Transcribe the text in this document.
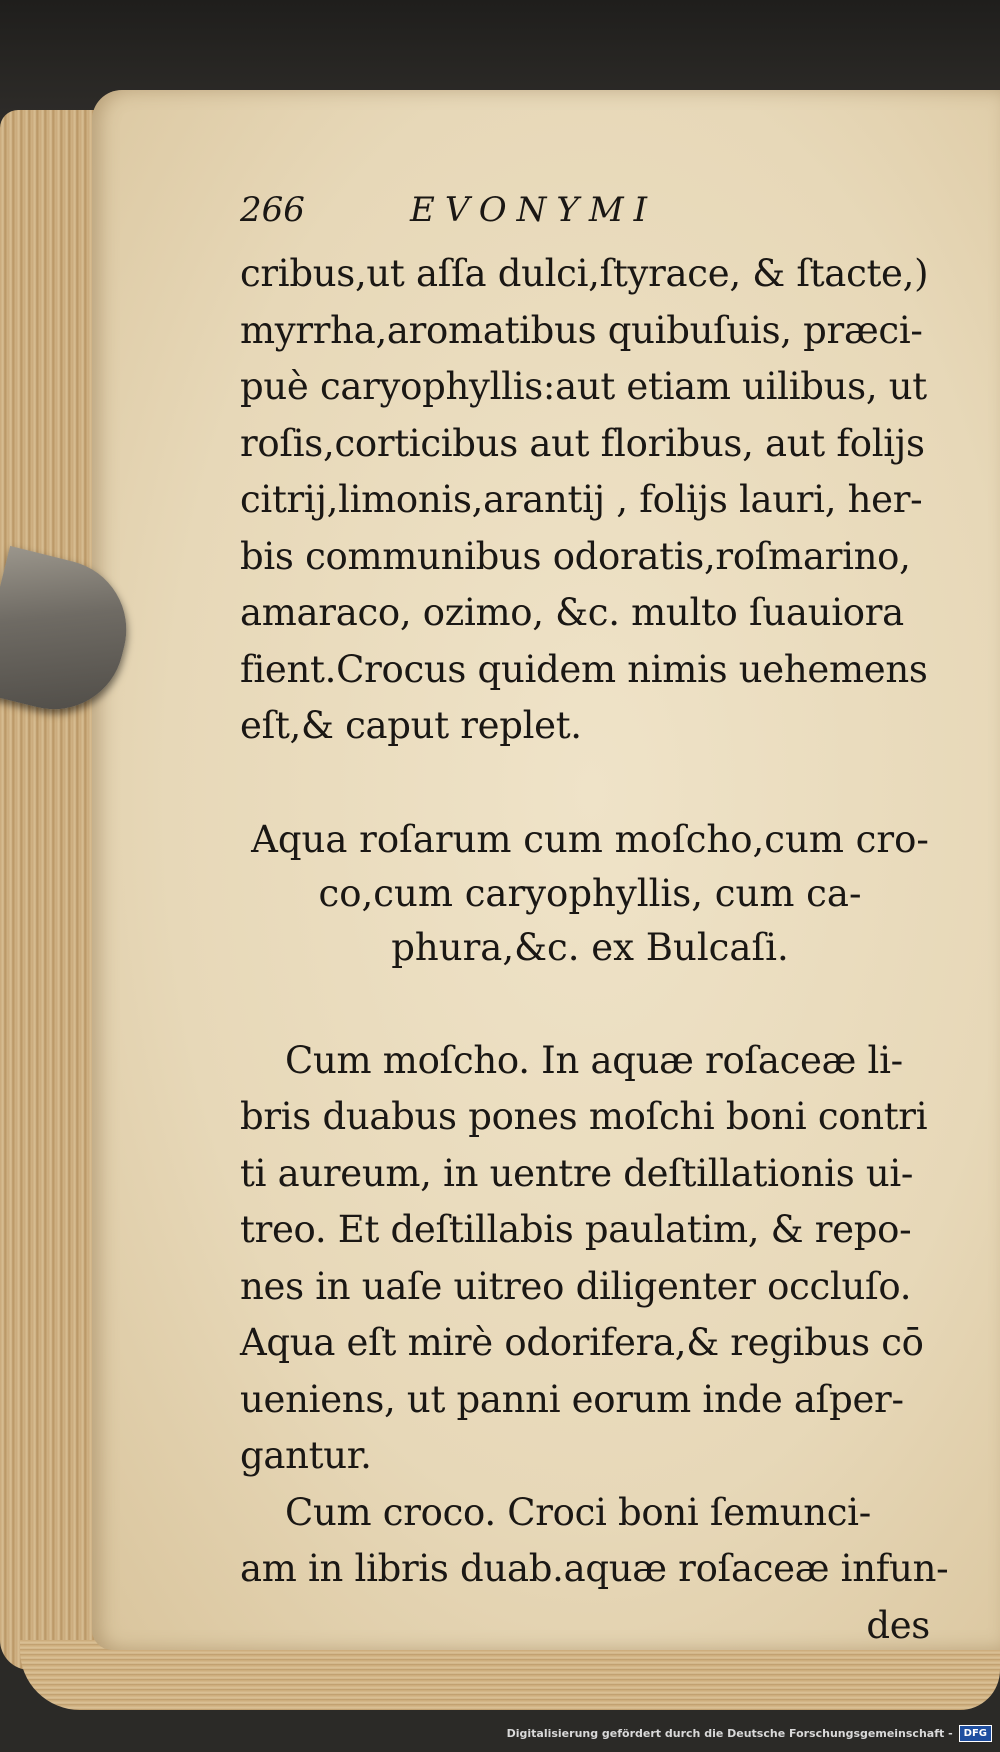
266	EVONYMI
cribus,ut aſſa dulci,ſtyrace, & ſtacte,)
myrrha,aromatibus quibuſuis, præci-
puè caryophyllis:aut etiam uilibus, ut
roſis,corticibus aut floribus, aut folijs
citrij,limonis,arantij , folijs lauri, her-
bis communibus odoratis,roſmarino,
amaraco, ozimo, &c. multo ſuauiora
fient.Crocus quidem nimis uehemens
eſt,& caput replet.
Aqua roſarum cum moſcho,cum cro-
co,cum caryophyllis, cum ca-
phura,&c. ex Bulcaſi.
Cum moſcho. In aquæ roſaceæ li-
bris duabus pones moſchi boni contri
ti aureum, in uentre deſtillationis ui-
treo. Et deſtillabis paulatim, & repo-
nes in uaſe uitreo diligenter occluſo.
Aqua eſt mirè odorifera,& regibus cō
ueniens, ut panni eorum inde aſper-
gantur.
Cum croco. Croci boni ſemunci-
am in libris duab.aquæ roſaceæ infun-
des
Digitalisierung gefördert durch die Deutsche Forschungsgemeinschaft -	DFG
